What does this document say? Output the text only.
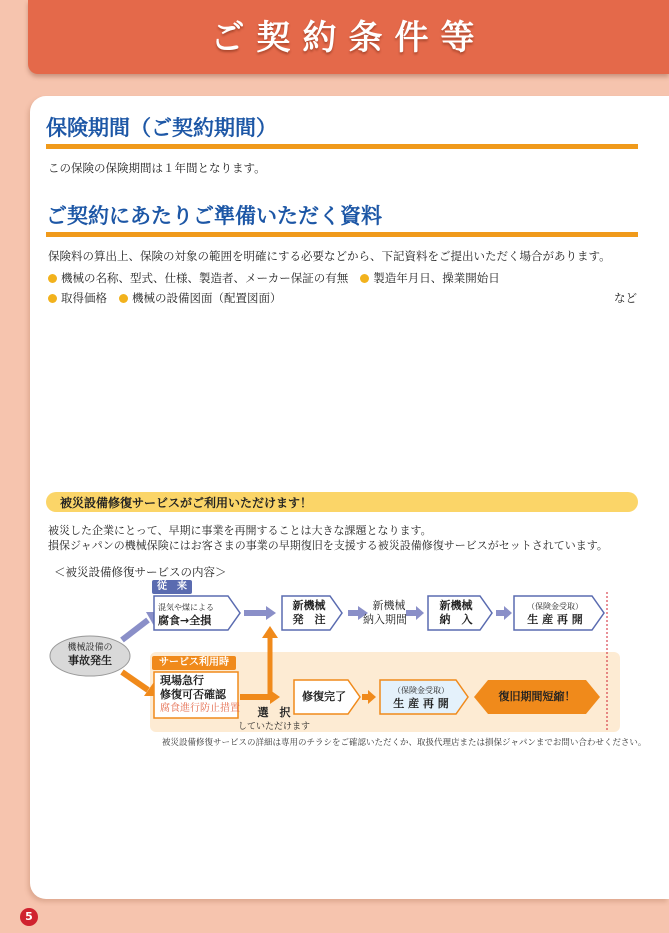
ご契約条件等
保険期間（ご契約期間）
この保険の保険期間は１年間となります。
ご契約にあたりご準備いただく資料
保険料の算出上、保険の対象の範囲を明確にする必要などから、下記資料をご提出いただく場合があります。
機械の名称、型式、仕様、製造者、メーカー保証の有無 製造年月日、操業開始日
取得価格 機械の設備図面（配置図面）	など
被災設備修復サービスがご利用いただけます！
被災した企業にとって、早期に事業を再開することは大きな課題となります。
損保ジャパンの機械保険にはお客さまの事業の早期復旧を支援する被災設備修復サービスがセットされています。
＜被災設備修復サービスの内容＞
従　来
サービス利用時
機械設備の
事故発生
混気や煤による
腐食→全損
新機械
発　注
新機械
納入期間
新機械
納　入
（保険金受取）
生 産 再 開
現場急行
修復可否確認
腐食進行防止措置
修復完了	（保険金受取）
生 産 再 開
復旧期間短縮！
選　択
していただけます
被災設備修復サービスの詳細は専用のチラシをご確認いただくか、取扱代理店または損保ジャパンまでお問い合わせください。
5
